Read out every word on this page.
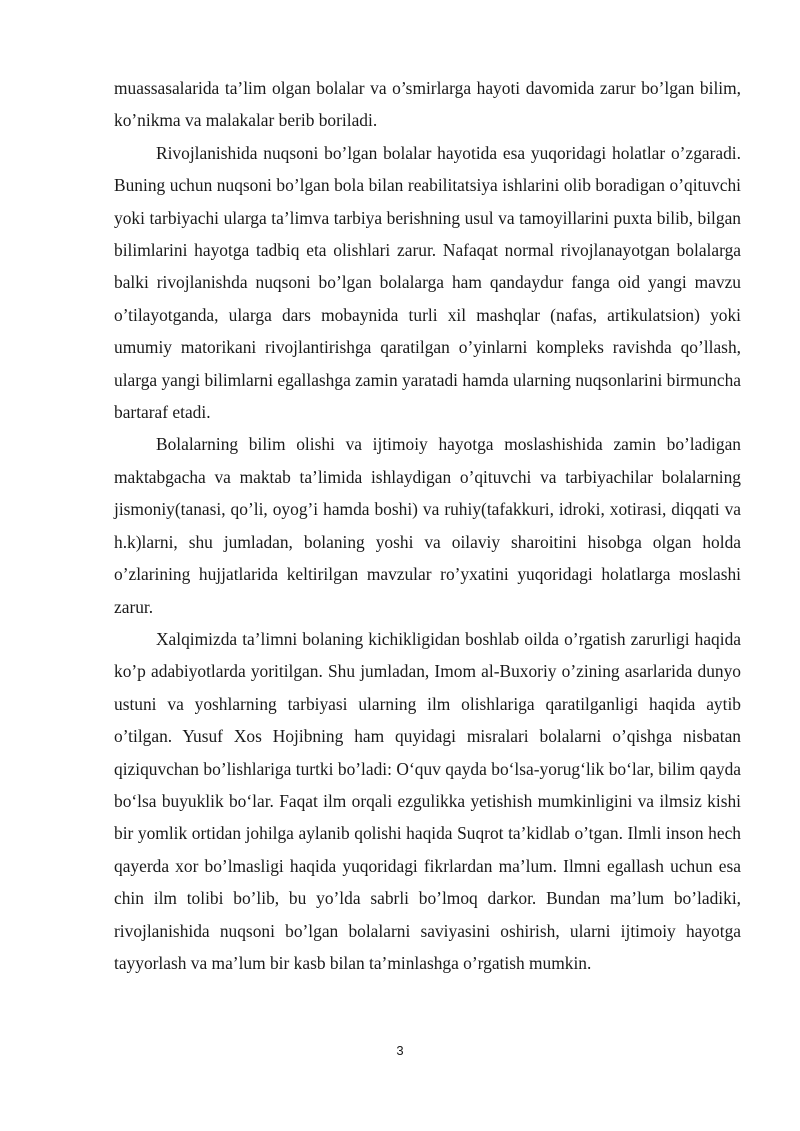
muassasalarida ta’lim olgan bolalar va o’smirlarga hayoti davomida zarur bo’lgan bilim, ko’nikma va malakalar berib boriladi.

Rivojlanishida nuqsoni bo’lgan bolalar hayotida esa yuqoridagi holatlar o’zgaradi. Buning uchun nuqsoni bo’lgan bola bilan reabilitatsiya ishlarini olib boradigan o’qituvchi yoki tarbiyachi ularga ta’limva tarbiya berishning usul va tamoyillarini puxta bilib, bilgan bilimlarini hayotga tadbiq eta olishlari zarur. Nafaqat normal rivojlanayotgan bolalarga balki rivojlanishda nuqsoni bo’lgan bolalarga ham qandaydur fanga oid yangi mavzu o’tilayotganda, ularga dars mobaynida turli xil mashqlar (nafas, artikulatsion) yoki umumiy matorikani rivojlantirishga qaratilgan o’yinlarni kompleks ravishda qo’llash, ularga yangi bilimlarni egallashga zamin yaratadi hamda ularning nuqsonlarini birmuncha bartaraf etadi.

Bolalarning bilim olishi va ijtimoiy hayotga moslashishida zamin bo’ladigan maktabgacha va maktab ta’limida ishlaydigan o’qituvchi va tarbiyachilar bolalarning jismoniy(tanasi, qo’li, oyog’i hamda boshi) va ruhiy(tafakkuri, idroki, xotirasi, diqqati va h.k)larni, shu jumladan, bolaning yoshi va oilaviy sharoitini hisobga olgan holda o’zlarining hujjatlarida keltirilgan mavzular ro’yxatini yuqoridagi holatlarga moslashi zarur.

Xalqimizda ta’limni bolaning kichikligidan boshlab oilda o’rgatish zarurligi haqida ko’p adabiyotlarda yoritilgan. Shu jumladan, Imom al-Buxoriy o’zining asarlarida dunyo ustuni va yoshlarning tarbiyasi ularning ilm olishlariga qaratilganligi haqida aytib o’tilgan. Yusuf Xos Hojibning ham quyidagi misralari bolalarni o’qishga nisbatan qiziquvchan bo’lishlariga turtki bo’ladi: O‘quv qayda bo‘lsa-yorug‘lik bo‘lar, bilim qayda bo‘lsa buyuklik bo‘lar. Faqat ilm orqali ezgulikka yetishish mumkinligini va ilmsiz kishi bir yomlik ortidan johilga aylanib qolishi haqida Suqrot ta’kidlab o’tgan. Ilmli inson hech qayerda xor bo’lmasligi haqida yuqoridagi fikrlardan ma’lum. Ilmni egallash uchun esa chin ilm tolibi bo’lib, bu yo’lda sabrli bo’lmoq darkor. Bundan ma’lum bo’ladiki, rivojlanishida nuqsoni bo’lgan bolalarni saviyasini oshirish, ularni ijtimoiy hayotga tayyorlash va ma’lum bir kasb bilan ta’minlashga o’rgatish mumkin.

3
